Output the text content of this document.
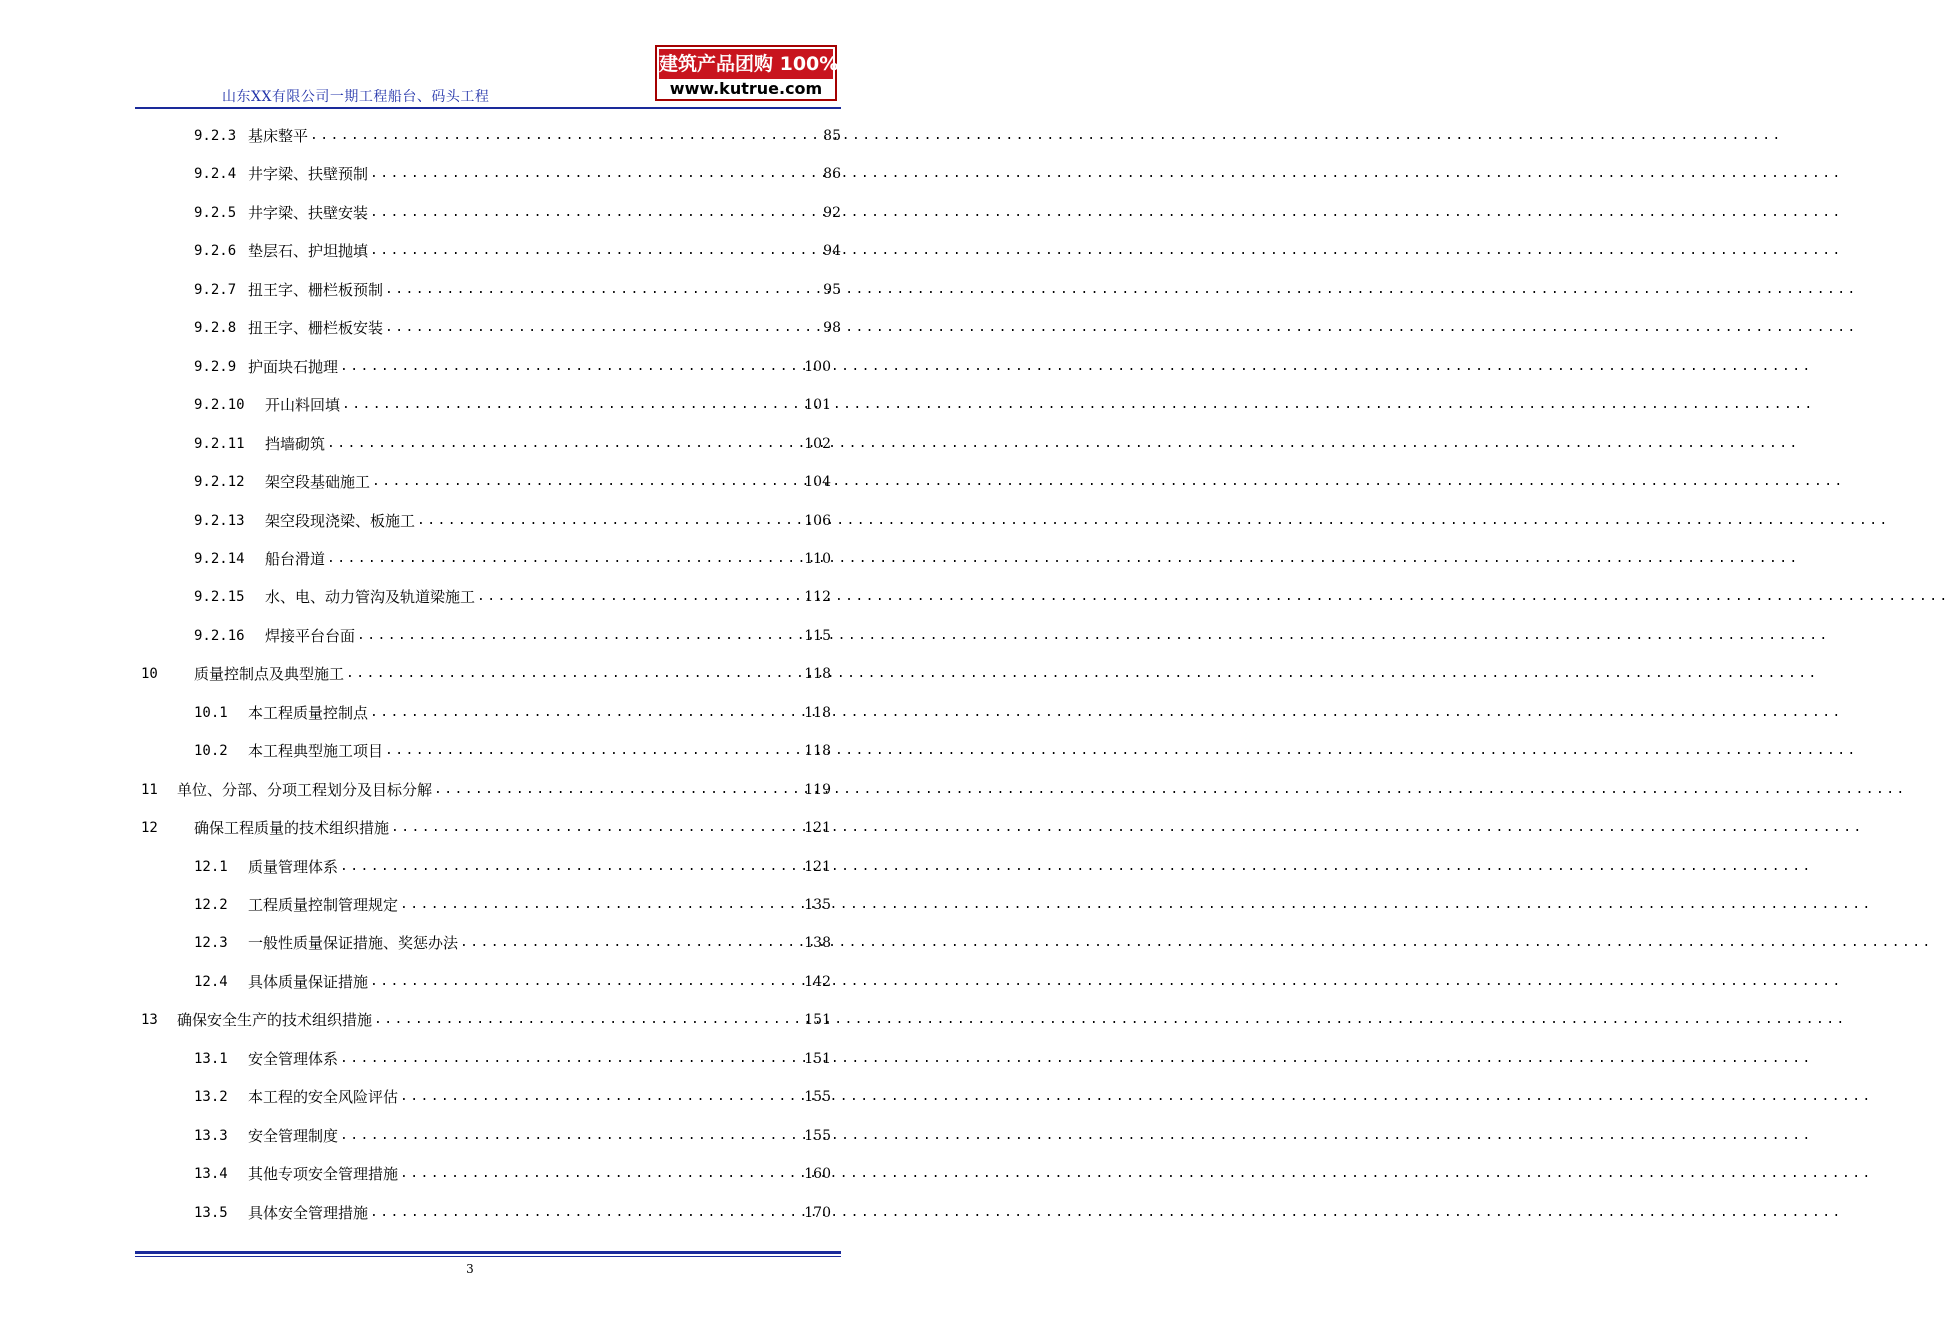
山东XX有限公司一期工程船台、码头工程
建筑产品团购 100%正品
www.kutrue.com
9.2.3 基床整平 .....	85
9.2.4 井字梁、扶壁预制 .....	86
9.2.5 井字梁、扶壁安装 .....	92
9.2.6 垫层石、护坦抛填 .....	94
9.2.7 扭王字、栅栏板预制 .....	95
9.2.8 扭王字、栅栏板安装 .....	98
9.2.9 护面块石抛理 .....	100
9.2.10 开山料回填 .....	101
9.2.11 挡墙砌筑 .....	102
9.2.12 架空段基础施工 .....	104
9.2.13 架空段现浇梁、板施工 .....	106
9.2.14 船台滑道 .....	110
9.2.15 水、电、动力管沟及轨道梁施工 .....	112
9.2.16 焊接平台台面 .....	115
10 质量控制点及典型施工 .....	118
10.1 本工程质量控制点 .....	118
10.2 本工程典型施工项目 .....	118
11 单位、分部、分项工程划分及目标分解 .....	119
12 确保工程质量的技术组织措施 .....	121
12.1 质量管理体系 .....	121
12.2 工程质量控制管理规定 .....	135
12.3 一般性质量保证措施、奖惩办法 .....	138
12.4 具体质量保证措施 .....	142
13 确保安全生产的技术组织措施 .....	151
13.1 安全管理体系 .....	151
13.2 本工程的安全风险评估 .....	155
13.3 安全管理制度 .....	155
13.4 其他专项安全管理措施 .....	160
13.5 具体安全管理措施 .....	170
3
